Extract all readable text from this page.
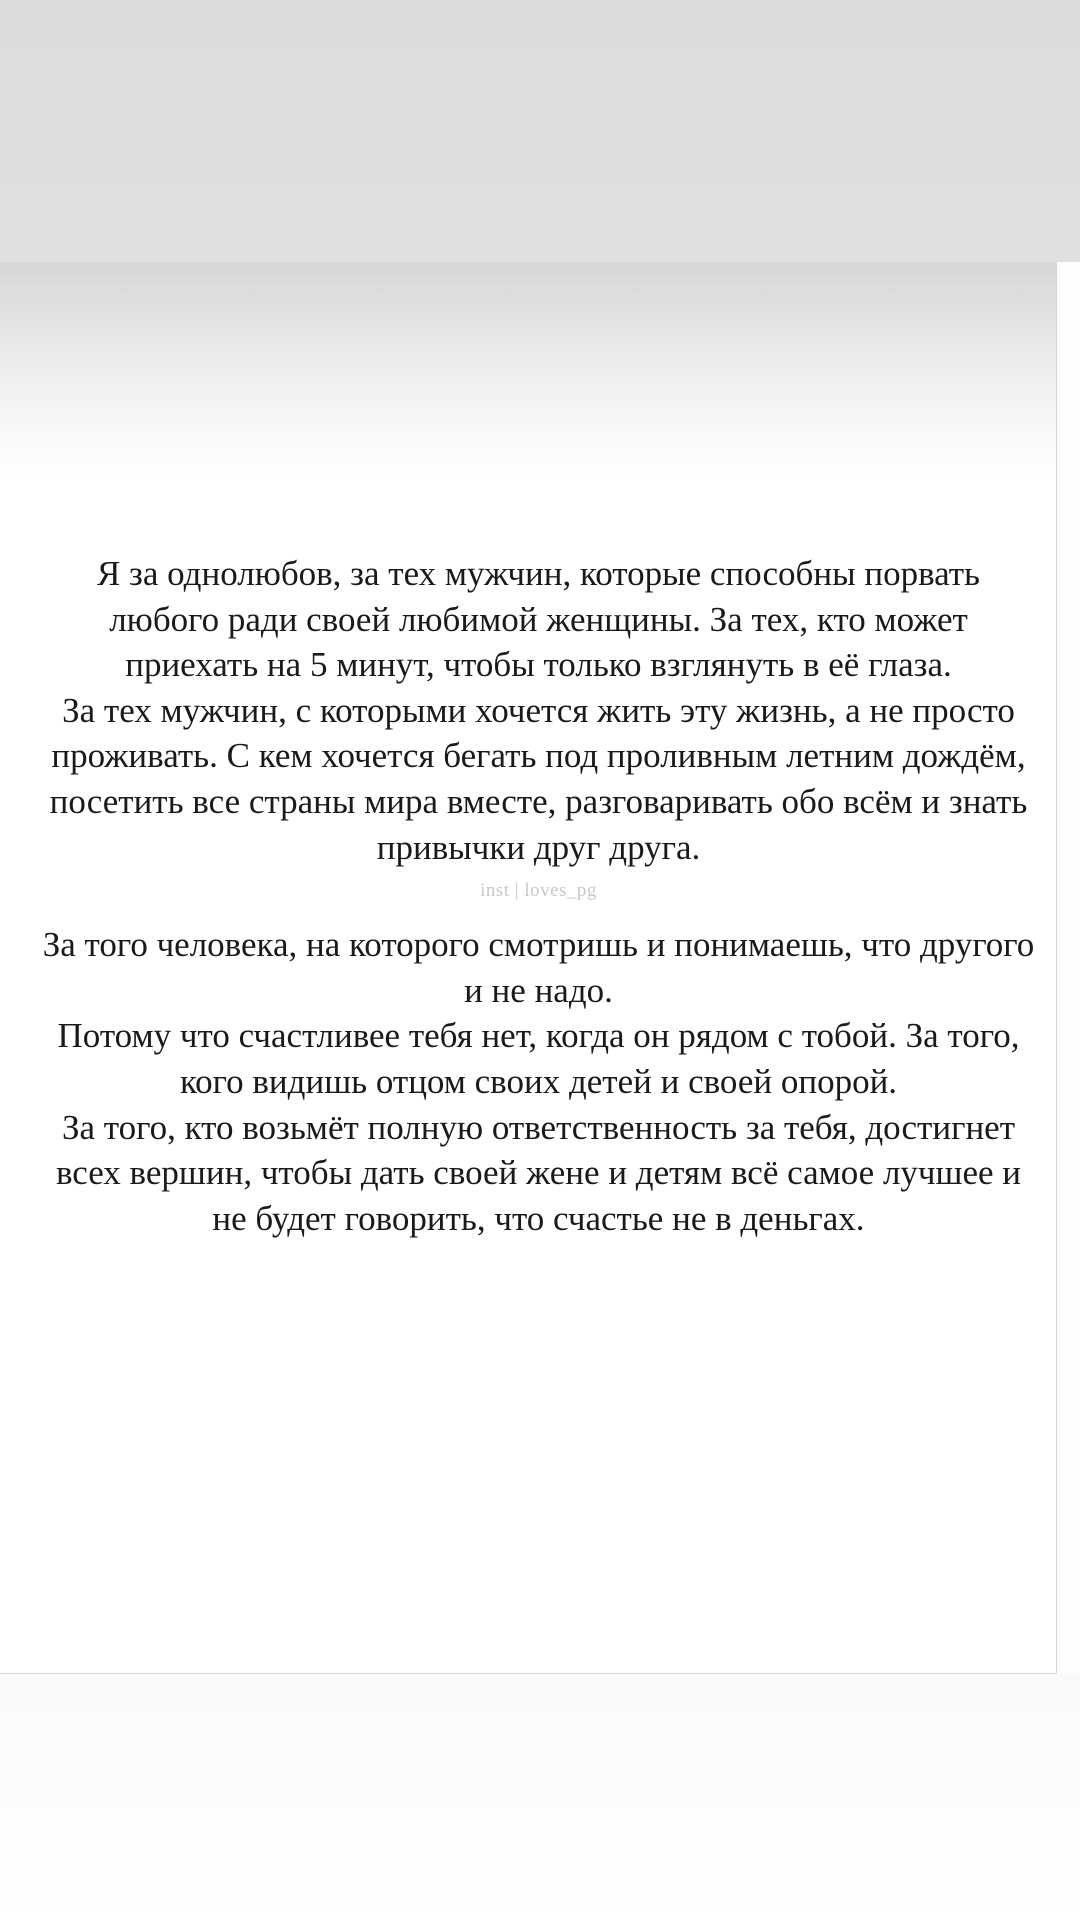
Я за однолюбов, за тех мужчин, которые способны порвать любого ради своей любимой женщины. За тех, кто может приехать на 5 минут, чтобы только взглянуть в её глаза.

За тех мужчин, с которыми хочется жить эту жизнь, а не просто проживать. С кем хочется бегать под проливным летним дождём, посетить все страны мира вместе, разговаривать обо всём и знать привычки друг друга.

inst | loves_pg

За того человека, на которого смотришь и понимаешь, что другого и не надо.

Потому что счастливее тебя нет, когда он рядом с тобой. За того, кого видишь отцом своих детей и своей опорой.

За того, кто возьмёт полную ответственность за тебя, достигнет всех вершин, чтобы дать своей жене и детям всё самое лучшее и не будет говорить, что счастье не в деньгах.
